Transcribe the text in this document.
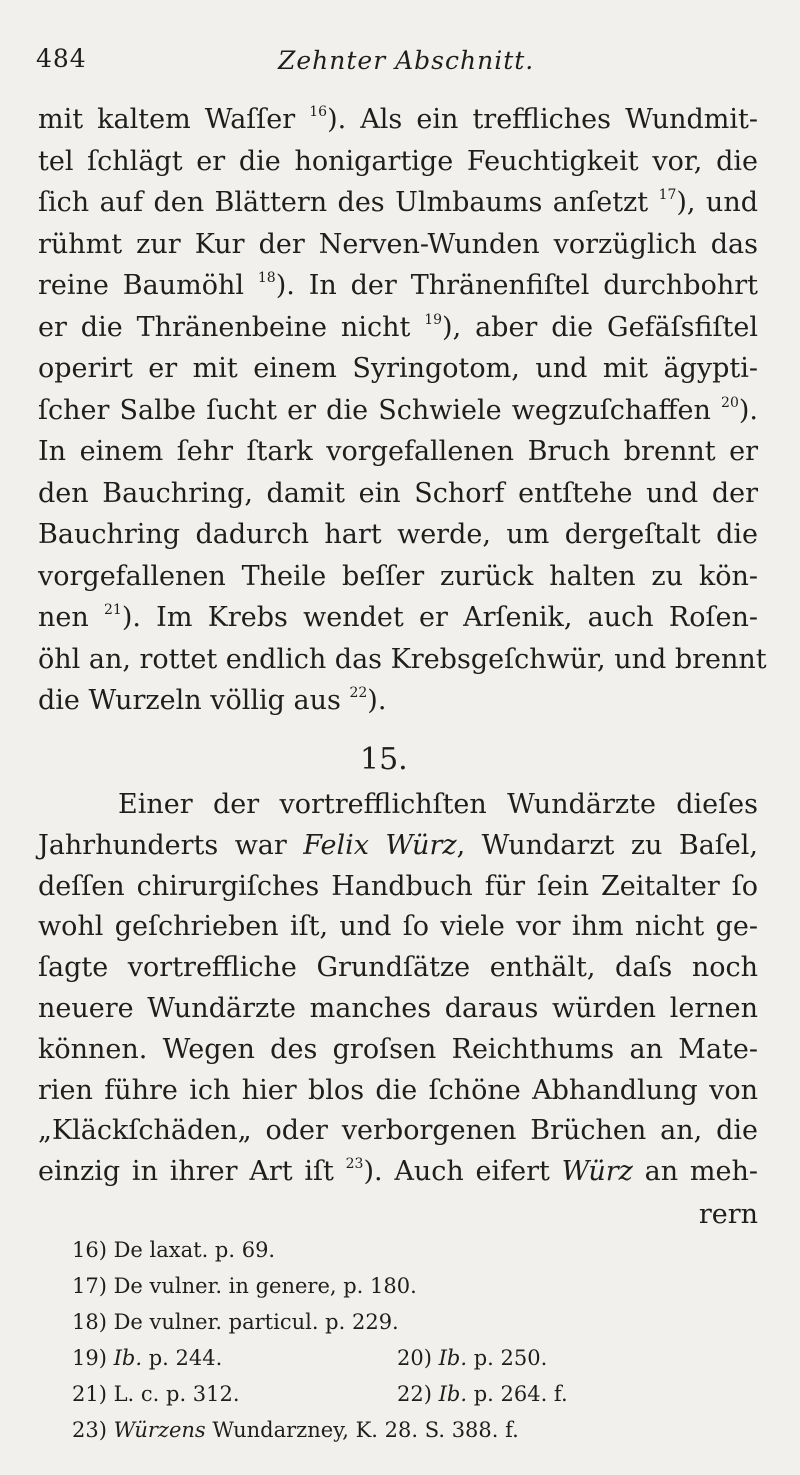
484	Zehnter Abschnitt.
mit kaltem Waſſer $^{16}$). Als ein treffliches Wundmit-
tel ſchlägt er die honigartige Feuchtigkeit vor, die
ſich auf den Blättern des Ulmbaums anſetzt $^{17}$), und
rühmt zur Kur der Nerven-Wunden vorzüglich das
reine Baumöhl $^{18}$). In der Thränenfiſtel durchbohrt
er die Thränenbeine nicht $^{19}$), aber die Gefäſsfiſtel
operirt er mit einem Syringotom, und mit ägypti-
ſcher Salbe ſucht er die Schwiele wegzuſchaffen $^{20}$).
In einem ſehr ſtark vorgefallenen Bruch brennt er
den Bauchring, damit ein Schorf entſtehe und der
Bauchring dadurch hart werde, um dergeſtalt die
vorgefallenen Theile beſſer zurück halten zu kön-
nen $^{21}$). Im Krebs wendet er Arſenik, auch Roſen-
öhl an, rottet endlich das Krebsgeſchwür, und brennt
die Wurzeln völlig aus $^{22}$).
15.
Einer der vortrefflichſten Wundärzte dieſes
Jahrhunderts war Felix Würz, Wundarzt zu Baſel,
deſſen chirurgiſches Handbuch für ſein Zeitalter ſo
wohl geſchrieben iſt, und ſo viele vor ihm nicht ge-
ſagte vortreffliche Grundſätze enthält, daſs noch
neuere Wundärzte manches daraus würden lernen
können. Wegen des groſsen Reichthums an Mate-
rien führe ich hier blos die ſchöne Abhandlung von
„Kläckſchäden„ oder verborgenen Brüchen an, die
einzig in ihrer Art iſt $^{23}$). Auch eifert Würz an meh-
rern
16) De laxat. p. 69.
17) De vulner. in genere, p. 180.
18) De vulner. particul. p. 229.
19) Ib. p. 244.	20) Ib. p. 250.
21) L. c. p. 312.	22) Ib. p. 264. f.
23) Würzens Wundarzney, K. 28. S. 388. f.
